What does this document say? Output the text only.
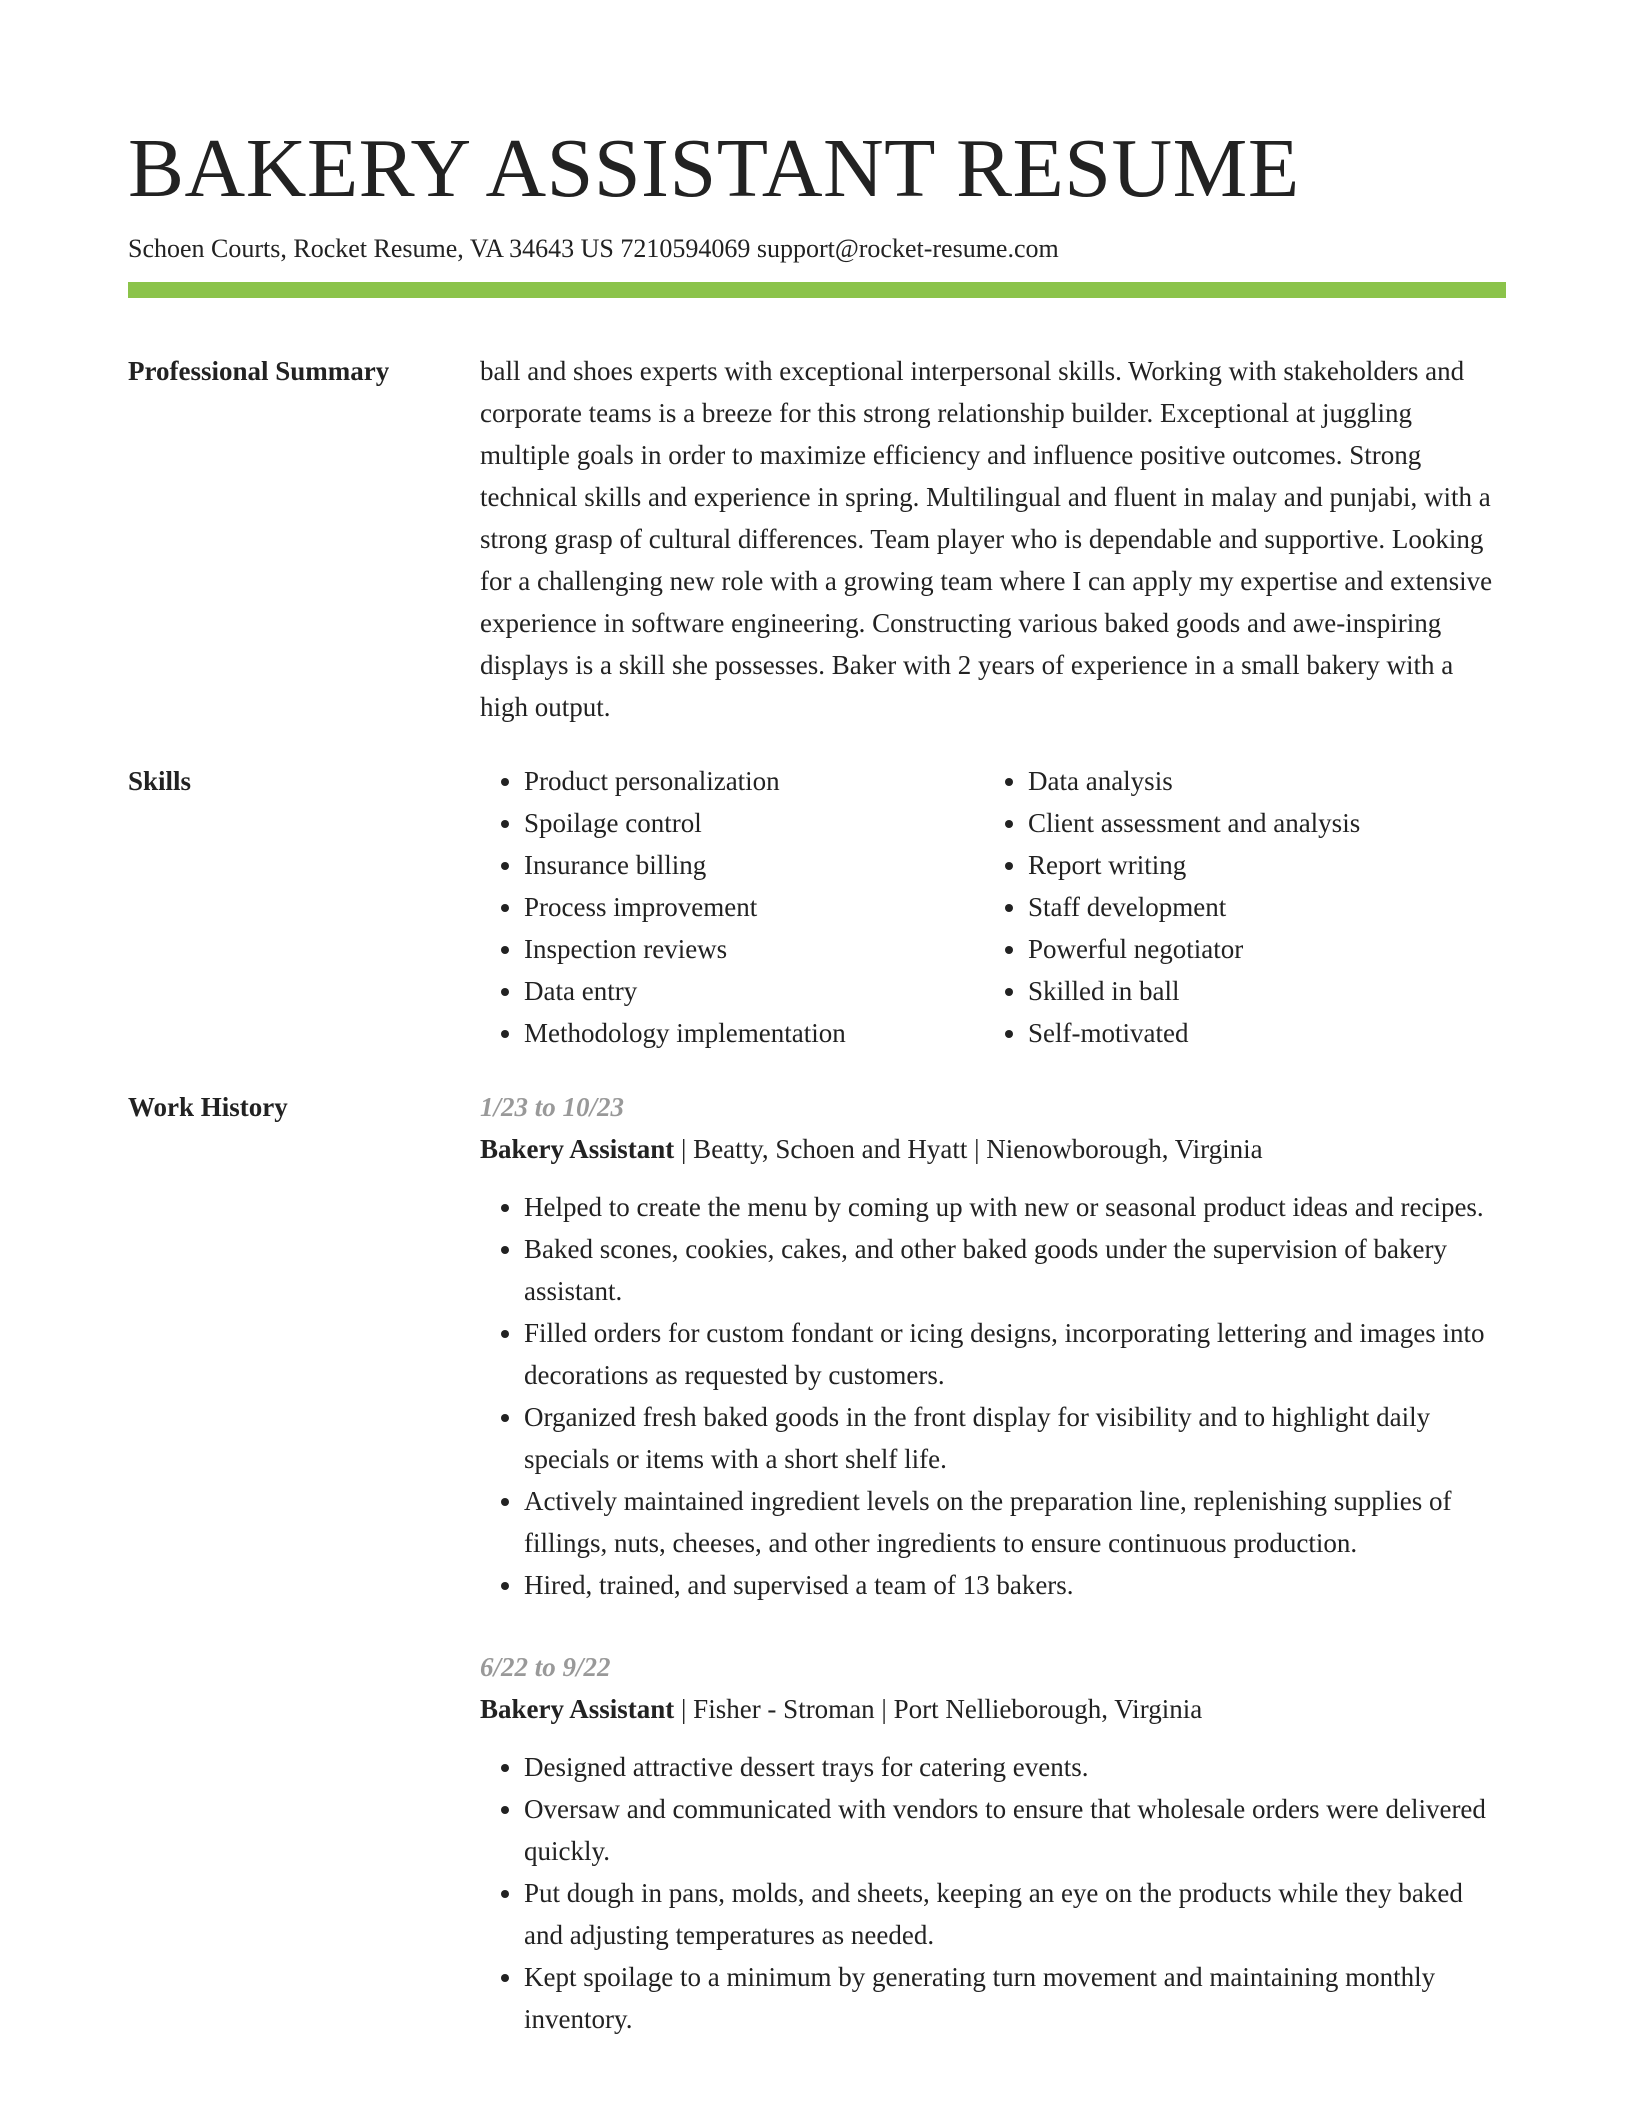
BAKERY ASSISTANT RESUME
Schoen Courts, Rocket Resume, VA 34643 US 7210594069 support@rocket-resume.com
Professional Summary	ball and shoes experts with exceptional interpersonal skills. Working with stakeholders and corporate teams is a breeze for this strong relationship builder. Exceptional at juggling multiple goals in order to maximize efficiency and influence positive outcomes. Strong technical skills and experience in spring. Multilingual and fluent in malay and punjabi, with a strong grasp of cultural differences. Team player who is dependable and supportive. Looking for a challenging new role with a growing team where I can apply my expertise and extensive experience in software engineering. Constructing various baked goods and awe-inspiring displays is a skill she possesses. Baker with 2 years of experience in a small bakery with a high output.

Skills
•	Product personalization
• Spoilage control
• Insurance billing
• Process improvement
• Inspection reviews
• Data entry
• Methodology implementation
• Data analysis
• Client assessment and analysis
• Report writing
• Staff development
• Powerful negotiator
• Skilled in ball
• Self-motivated
Work History	1/23 to 10/23
Bakery Assistant | Beatty, Schoen and Hyatt | Nienowborough, Virginia
• Helped to create the menu by coming up with new or seasonal product ideas and recipes.
• Baked scones, cookies, cakes, and other baked goods under the supervision of bakery assistant.
• Filled orders for custom fondant or icing designs, incorporating lettering and images into decorations as requested by customers.
• Organized fresh baked goods in the front display for visibility and to highlight daily specials or items with a short shelf life.
• Actively maintained ingredient levels on the preparation line, replenishing supplies of fillings, nuts, cheeses, and other ingredients to ensure continuous production.
• Hired, trained, and supervised a team of 13 bakers.
6/22 to 9/22
Bakery Assistant | Fisher - Stroman | Port Nellieborough, Virginia
• Designed attractive dessert trays for catering events.
• Oversaw and communicated with vendors to ensure that wholesale orders were delivered quickly.
• Put dough in pans, molds, and sheets, keeping an eye on the products while they baked and adjusting temperatures as needed.
• Kept spoilage to a minimum by generating turn movement and maintaining monthly inventory.
